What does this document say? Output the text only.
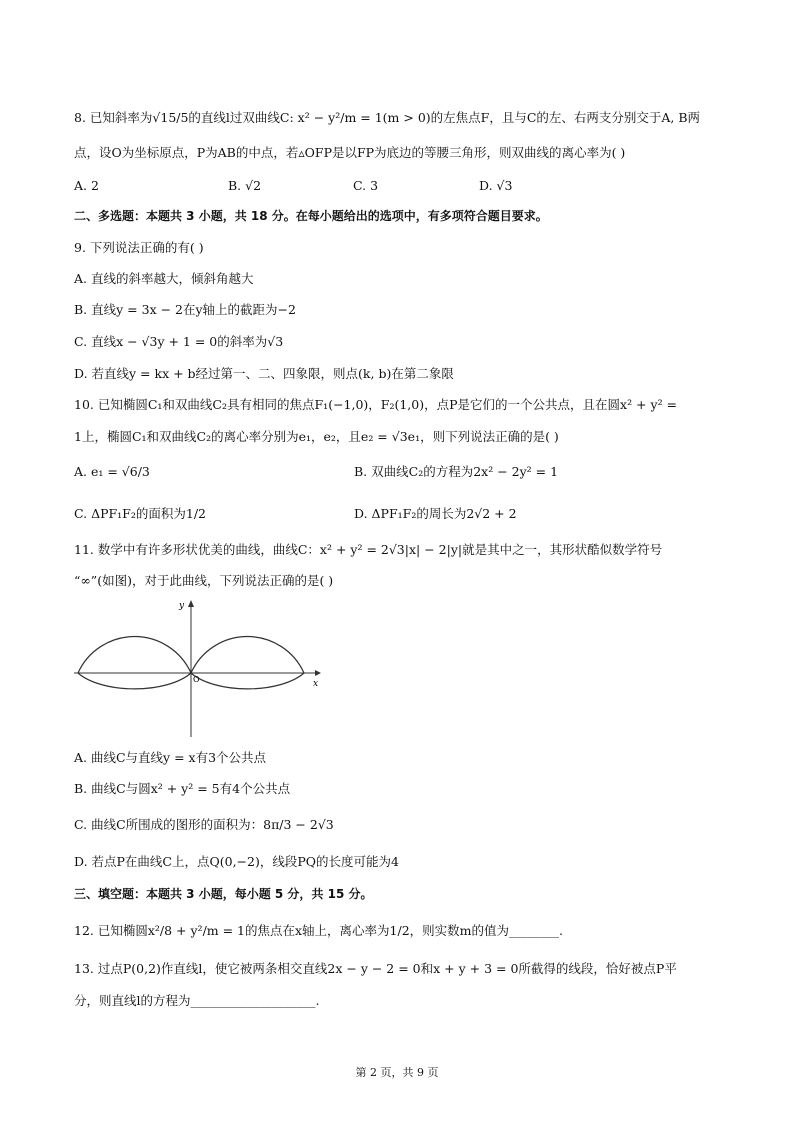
8. 已知斜率为√15/5的直线l过双曲线C: x² − y²/m = 1(m > 0)的左焦点F，且与C的左、右两支分别交于A, B两
点，设O为坐标原点，P为AB的中点，若▵OFP是以FP为底边的等腰三角形，则双曲线的离心率为( )
A. 2	B. √2	C. 3	D. √3
二、多选题：本题共 3 小题，共 18 分。在每小题给出的选项中，有多项符合题目要求。
9. 下列说法正确的有( )
A. 直线的斜率越大，倾斜角越大
B. 直线y = 3x − 2在y轴上的截距为−2
C. 直线x − √3y + 1 = 0的斜率为√3
D. 若直线y = kx + b经过第一、二、四象限，则点(k, b)在第二象限
10. 已知椭圆C₁和双曲线C₂具有相同的焦点F₁(−1,0)，F₂(1,0)，点P是它们的一个公共点，且在圆x² + y² =
1上，椭圆C₁和双曲线C₂的离心率分别为e₁，e₂，且e₂ = √3e₁，则下列说法正确的是( )
A. e₁ = √6/3	B. 双曲线C₂的方程为2x² − 2y² = 1
C. ΔPF₁F₂的面积为1/2	D. ΔPF₁F₂的周长为2√2 + 2
11. 数学中有许多形状优美的曲线，曲线C：x² + y² = 2√3|x| − 2|y|就是其中之一，其形状酷似数学符号
“∞”(如图)，对于此曲线，下列说法正确的是( )
x
y
O
A. 曲线C与直线y = x有3个公共点
B. 曲线C与圆x² + y² = 5有4个公共点
C. 曲线C所围成的图形的面积为：8π/3 − 2√3
D. 若点P在曲线C上，点Q(0,−2)，线段PQ的长度可能为4
三、填空题：本题共 3 小题，每小题 5 分，共 15 分。
12. 已知椭圆x²/8 + y²/m = 1的焦点在x轴上，离心率为1/2，则实数m的值为________.
13. 过点P(0,2)作直线l，使它被两条相交直线2x − y − 2 = 0和x + y + 3 = 0所截得的线段，恰好被点P平
分，则直线l的方程为____________________.
第 2 页，共 9 页
